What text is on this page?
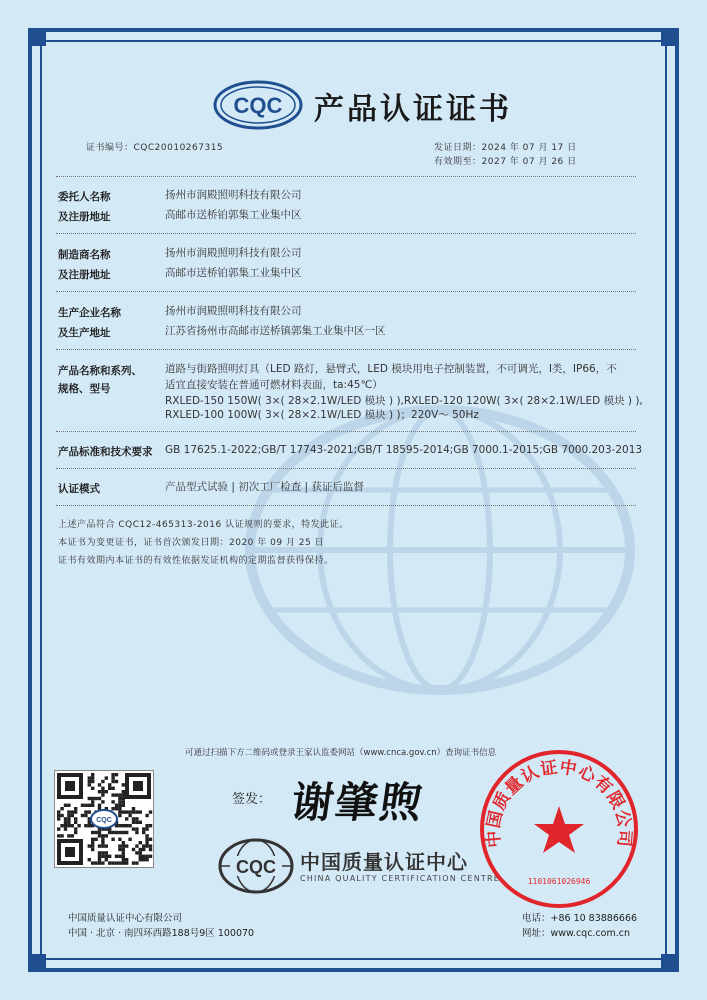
CQC 产品认证证书
证书编号：CQC20010267315	发证日期：2024 年 07 月 17 日
有效期至：2027 年 07 月 26 日
委托人名称	扬州市润殿照明科技有限公司
及注册地址	高邮市送桥铂郭集工业集中区
制造商名称	扬州市润殿照明科技有限公司
及注册地址	高邮市送桥铂郭集工业集中区
生产企业名称	扬州市润殿照明科技有限公司
及生产地址	江苏省扬州市高邮市送桥镇郭集工业集中区一区
产品名称和系列、
规格、型号
道路与街路照明灯具（LED 路灯，悬臂式，LED 模块用电子控制装置，不可调光，I类，IP66，不
适宜直接安装在普通可燃材料表面，ta:45℃）
RXLED-150 150W( 3×( 28×2.1W/LED 模块 ) ),RXLED-120 120W( 3×( 28×2.1W/LED 模块 ) ),
RXLED-100 100W( 3×( 28×2.1W/LED 模块 ) )；220V～ 50Hz
产品标准和技术要求 GB 17625.1-2022;GB/T 17743-2021;GB/T 18595-2014;GB 7000.1-2015;GB 7000.203-2013
认证模式	产品型式试验 | 初次工厂检查 | 获证后监督
上述产品符合 CQC12-465313-2016 认证规则的要求，特发此证。
本证书为变更证书，证书首次颁发日期：2020 年 09 月 25 日
证书有效期内本证书的有效性依据发证机构的定期监督获得保持。
可通过扫描下方二维码或登录王家认监委网站（www.cnca.gov.cn）查询证书信息
CQC
签发： 谢肇煦
CQC 中国质量认证中心
CHINA QUALITY CERTIFICATION CENTRE
中国质量认证中心有限公司
1101061026946
中国质量认证中心有限公司
中国 · 北京 · 南四环西路188号9区 100070
电话：+86 10 83886666
网址：www.cqc.com.cn
